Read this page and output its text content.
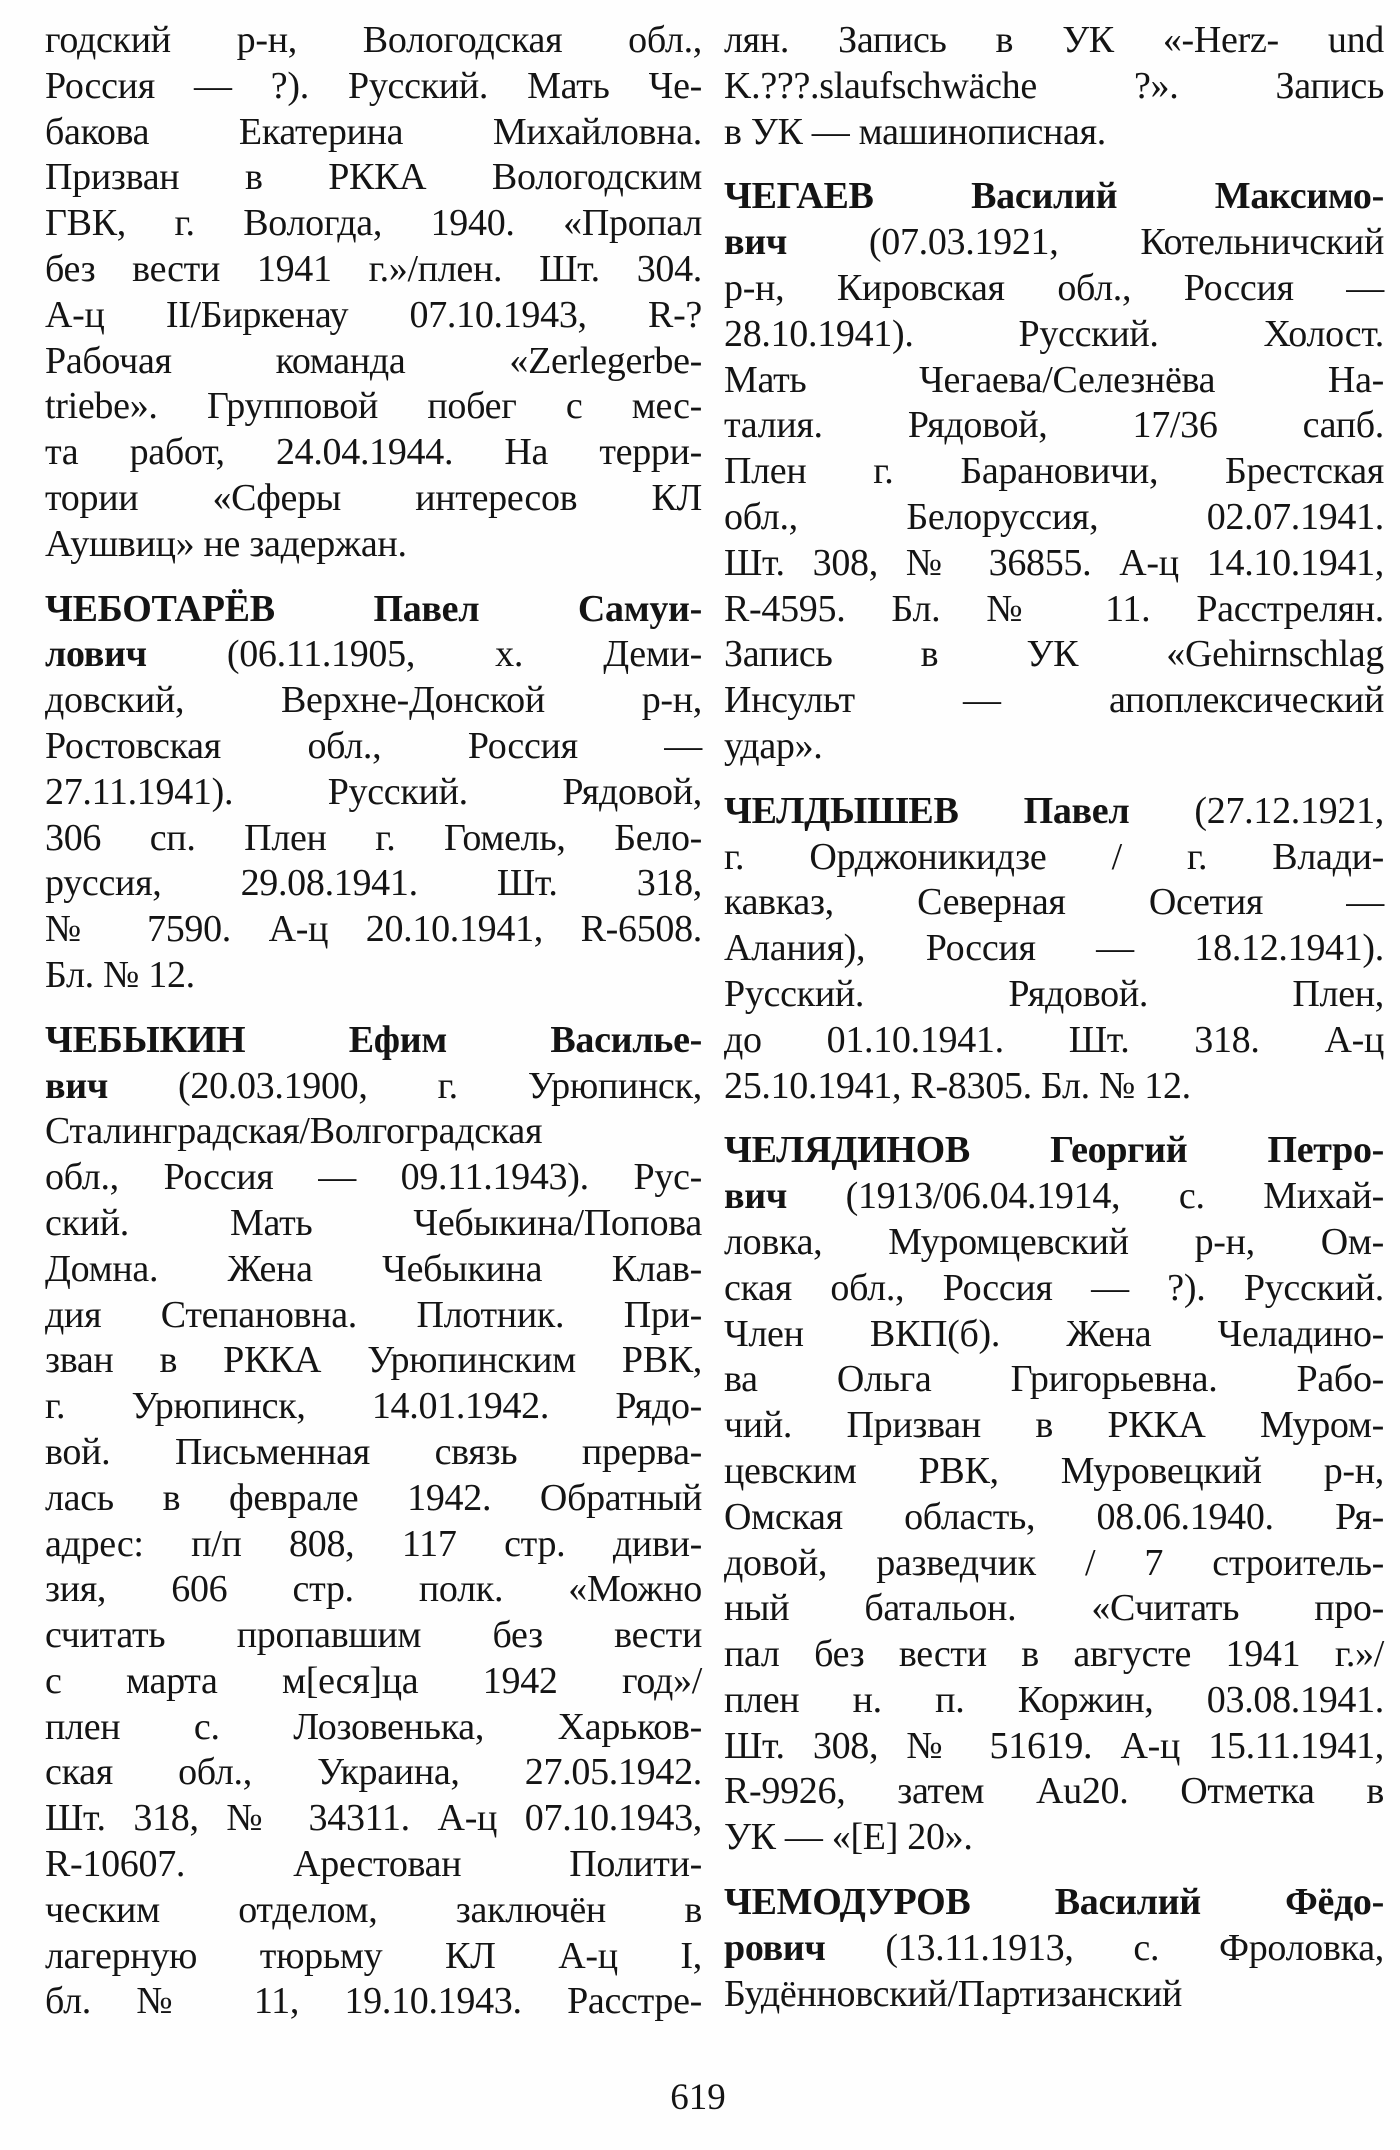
годский р-н, Вологодская обл.,
Россия — ?). Русский. Мать Че-
бакова Екатерина Михайловна.
Призван в РККА Вологодским
ГВК, г. Вологда, 1940. «Пропал
без вести 1941 г.»/плен. Шт. 304.
А-ц II/Биркенау 07.10.1943, R-?
Рабочая команда «Zerlegerbe-
triebe». Групповой побег с мес-
та работ, 24.04.1944. На терри-
тории «Сферы интересов КЛ
Аушвиц» не задержан.
ЧЕБОТАРЁВ Павел Самуи-
лович (06.11.1905, х. Деми-
довский, Верхне-Донской р-н,
Ростовская обл., Россия —
27.11.1941). Русский. Рядовой,
306 сп. Плен г. Гомель, Бело-
руссия, 29.08.1941. Шт. 318,
№ 7590. А-ц 20.10.1941, R-6508.
Бл. № 12.
ЧЕБЫКИН Ефим Василье-
вич (20.03.1900, г. Урюпинск,
Сталинградская/Волгоградская
обл., Россия — 09.11.1943). Рус-
ский. Мать Чебыкина/Попова
Домна. Жена Чебыкина Клав-
дия Степановна. Плотник. При-
зван в РККА Урюпинским РВК,
г. Урюпинск, 14.01.1942. Рядо-
вой. Письменная связь прерва-
лась в феврале 1942. Обратный
адрес: п/п 808, 117 стр. диви-
зия, 606 стр. полк. «Можно
считать пропавшим без вести
с марта м[еся]ца 1942 год»/
плен с. Лозовенька, Харьков-
ская обл., Украина, 27.05.1942.
Шт. 318, № 34311. А-ц 07.10.1943,
R-10607. Арестован Полити-
ческим отделом, заключён в
лагерную тюрьму КЛ А-ц I,
бл. № 11, 19.10.1943. Расстре-
лян. Запись в УК «-Herz- und
K.???.slaufschwäche ?». Запись
в УК — машинописная.
ЧЕГАЕВ Василий Максимо-
вич (07.03.1921, Котельничский
р-н, Кировская обл., Россия —
28.10.1941). Русский. Холост.
Мать Чегаева/Селезнёва На-
талия. Рядовой, 17/36 сапб.
Плен г. Барановичи, Брестская
обл., Белоруссия, 02.07.1941.
Шт. 308, № 36855. А-ц 14.10.1941,
R-4595. Бл. № 11. Расстрелян.
Запись в УК «Gehirnschlag
Инсульт — апоплексический
удар».
ЧЕЛДЫШЕВ Павел (27.12.1921,
г. Орджоникидзе / г. Влади-
кавказ, Северная Осетия —
Алания), Россия — 18.12.1941).
Русский. Рядовой. Плен,
до 01.10.1941. Шт. 318. А-ц
25.10.1941, R-8305. Бл. № 12.
ЧЕЛЯДИНОВ Георгий Петро-
вич (1913/06.04.1914, с. Михай-
ловка, Муромцевский р-н, Ом-
ская обл., Россия — ?). Русский.
Член ВКП(б). Жена Челадино-
ва Ольга Григорьевна. Рабо-
чий. Призван в РККА Муром-
цевским РВК, Муровецкий р-н,
Омская область, 08.06.1940. Ря-
довой, разведчик / 7 строитель-
ный батальон. «Считать про-
пал без вести в августе 1941 г.»/
плен н. п. Коржин, 03.08.1941.
Шт. 308, № 51619. А-ц 15.11.1941,
R-9926, затем Au20. Отметка в
УК — «[E] 20».
ЧЕМОДУРОВ Василий Фёдо-
рович (13.11.1913, с. Фроловка,
Будённовский/Партизанский
619
